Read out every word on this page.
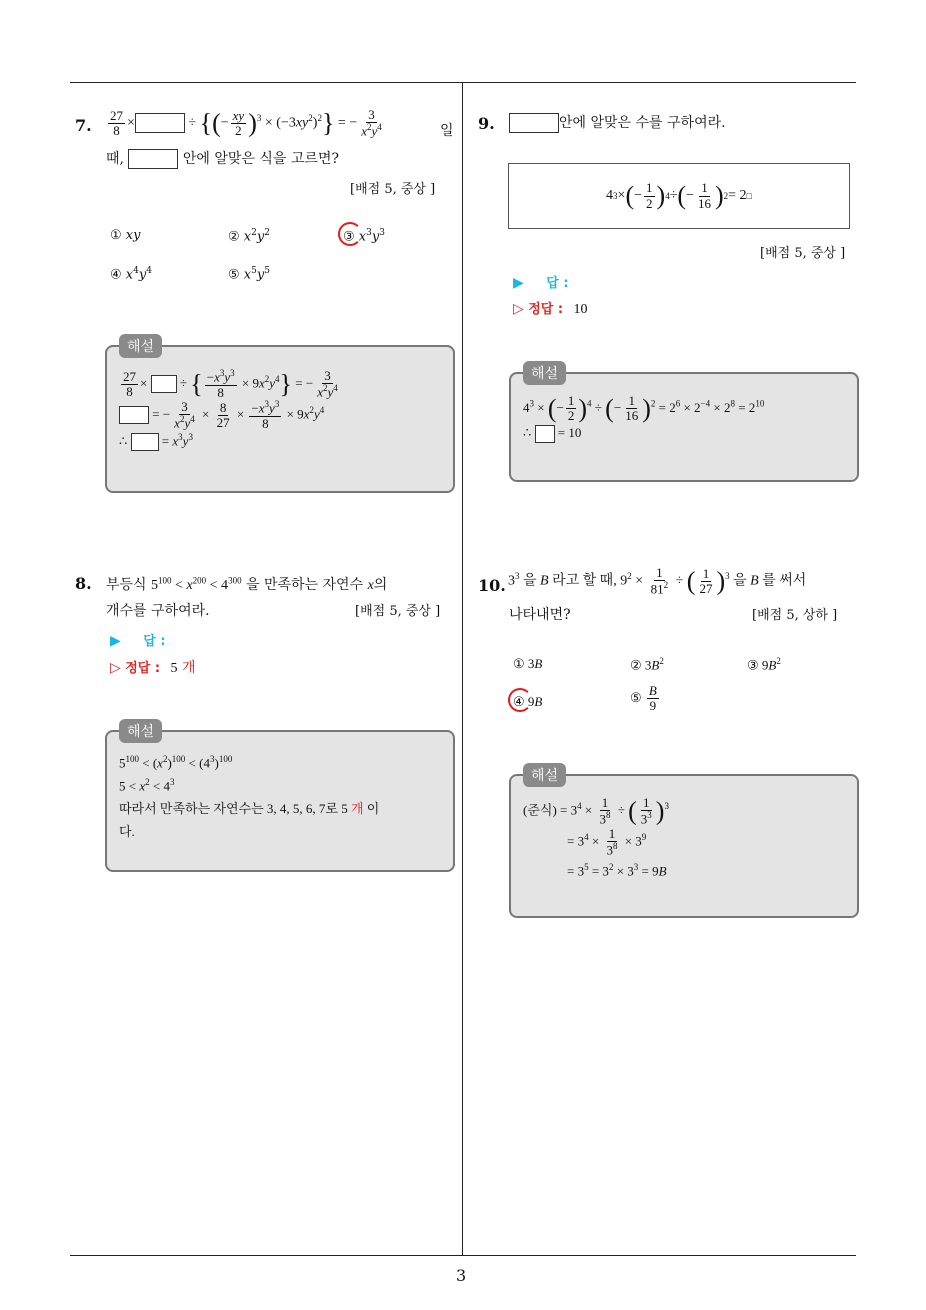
3
7. $\frac{27}{8}$ ×	÷ {(− $\frac{xy}{2} )^3 \times (-3xy^2)^2$} = − $\frac{3}{x^2y^4}$	일
때,	안에 알맞은 식을 고르면?
[배점 5, 중상 ]
① xy	② $x^2y^2$	③ $x^3y^3$
④ $x^4y^4$	⑤ $x^5y^5$
해설
$\frac{27}{8}$ ×  ÷ { $\frac{-x^3y^3}{8} \times 9x^2y^4$} = − $\frac{3}{x^2y^4}$
= − $\frac{3}{x^2y^4} \times \frac{8}{27} \times \frac{-x^3y^3}{8} \times 9x^2y^4$
∴  = $x^3y^3$
8. 부등식 $5^{100} < x^{200} < 4^{300}$ 을 만족하는 자연수 x의
개수를 구하여라.	[배점 5, 중상 ]
▶ 답 :
▷ 정답 : 5 개
해설
$5^{100} < (x^2)^{100} < (4^3)^{100}$
$5 < x^2 < 4^3$
따라서 만족하는 자연수는 3, 4, 5, 6, 7로 5 개 이
다.
9.	안에 알맞은 수를 구하여라.
4 3 × ( − $\frac{1}{2}$ ) 4 ÷ ( − $\frac{1}{16}$ ) 2 = 2 □
[배점 5, 중상 ]
▶ 답 :
▷ 정답 : 10
해설
$4^3$ × (− $\frac{1}{2} )^4$ ÷ (− $\frac{1}{16} )^2 = 2^6 \times 2^{-4} \times 2^8 = 2^{10}$
∴  = 10
10. $3^3$ 을 B 라고 할 때, $9^2 \times \frac{1}{81^2}$ ÷ ( $\frac{1}{27} )^3$ 을 B 를 써서
나타내면?	[배점 5, 상하 ]
① 3B	② $3B^2$	③ $9B^2$
④ 9B	⑤ $\frac{B}{9}$
해설
(준식) = $3^4 \times \frac{1}{3^8}$ ÷ ( $\frac{1}{3^3} )^3$
= $3^4 \times \frac{1}{3^8} \times 3^9$
= $3^5 = 3^2 \times 3^3 = 9B$
